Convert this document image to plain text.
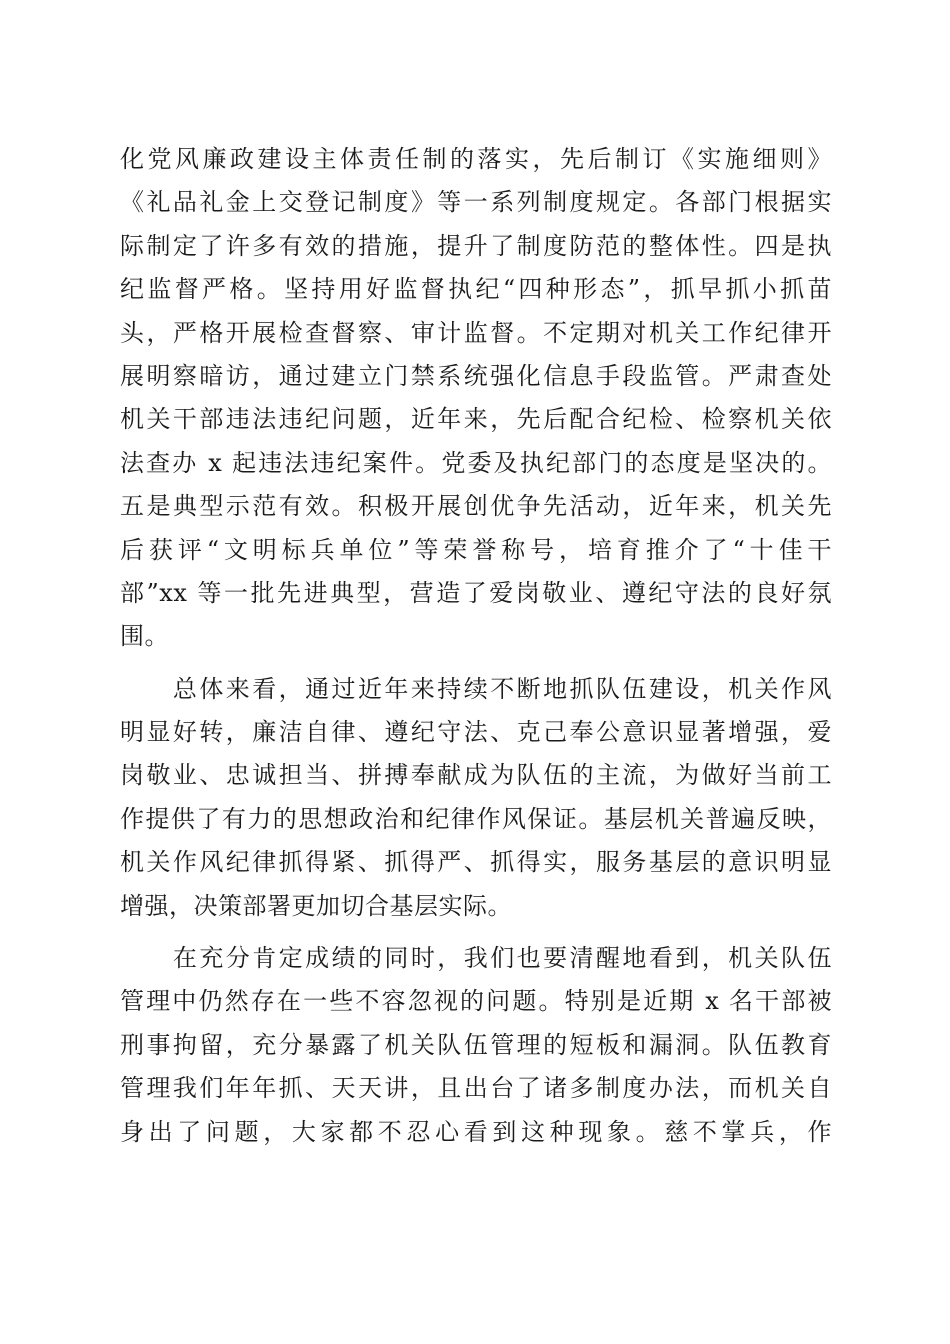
化党风廉政建设主体责任制的落实，先后制订《实施细则》
《礼品礼金上交登记制度》等一系列制度规定。各部门根据实
际制定了许多有效的措施，提升了制度防范的整体性。四是执
纪监督严格。坚持用好监督执纪“四种形态”，抓早抓小抓苗
头，严格开展检查督察、审计监督。不定期对机关工作纪律开
展明察暗访，通过建立门禁系统强化信息手段监管。严肃查处
机关干部违法违纪问题，近年来，先后配合纪检、检察机关依
法查办 x 起违法违纪案件。党委及执纪部门的态度是坚决的。
五是典型示范有效。积极开展创优争先活动，近年来，机关先
后获评“文明标兵单位”等荣誉称号，培育推介了“十佳干
部”xx 等一批先进典型，营造了爱岗敬业、遵纪守法的良好氛
围。
　　总体来看，通过近年来持续不断地抓队伍建设，机关作风
明显好转，廉洁自律、遵纪守法、克己奉公意识显著增强，爱
岗敬业、忠诚担当、拼搏奉献成为队伍的主流，为做好当前工
作提供了有力的思想政治和纪律作风保证。基层机关普遍反映，
机关作风纪律抓得紧、抓得严、抓得实，服务基层的意识明显
增强，决策部署更加切合基层实际。
　　在充分肯定成绩的同时，我们也要清醒地看到，机关队伍
管理中仍然存在一些不容忽视的问题。特别是近期 x 名干部被
刑事拘留，充分暴露了机关队伍管理的短板和漏洞。队伍教育
管理我们年年抓、天天讲，且出台了诸多制度办法，而机关自
身出了问题，大家都不忍心看到这种现象。慈不掌兵，作
